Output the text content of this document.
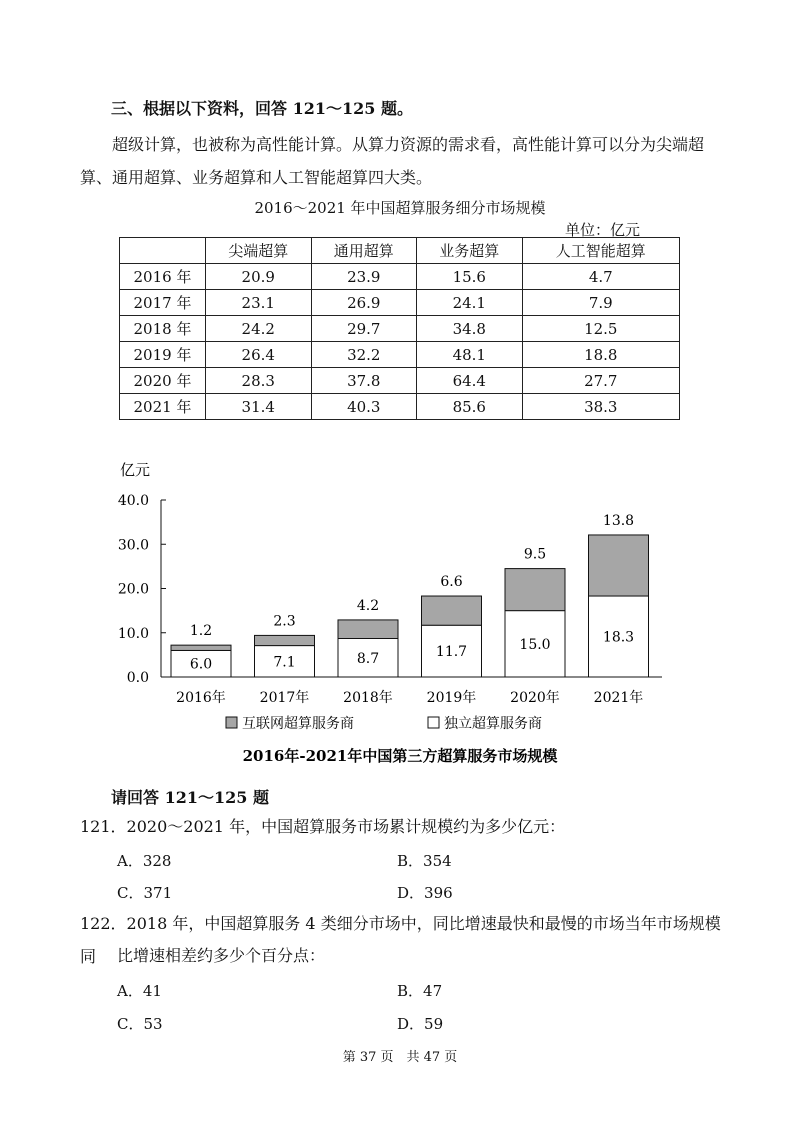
三、根据以下资料，回答 121～125 题。
超级计算，也被称为高性能计算。从算力资源的需求看，高性能计算可以分为尖端超算、通用超算、业务超算和人工智能超算四大类。
2016～2021 年中国超算服务细分市场规模
单位：亿元
	尖端超算	通用超算	业务超算	人工智能超算
2016 年	20.9	23.9	15.6	4.7
2017 年	23.1	26.9	24.1	7.9
2018 年	24.2	29.7	34.8	12.5
2019 年	26.4	32.2	48.1	18.8
2020 年	28.3	37.8	64.4	27.7
2021 年	31.4	40.3	85.6	38.3
亿元
0.0
10.0
20.0
30.0
40.0
6.0
1.2
2016年
7.1
2.3
2017年
8.7
4.2
2018年
11.7
6.6
2019年
15.0
9.5
2020年
18.3
13.8
2021年
互联网超算服务商	独立超算服务商
2016年-2021年中国第三方超算服务市场规模
请回答 121～125 题
121．2020～2021 年，中国超算服务市场累计规模约为多少亿元：
A．328	B．354
C．371	D．396
122．2018 年，中国超算服务 4 类细分市场中，同比增速最快和最慢的市场当年市场规模同	比增速相差约多少个百分点：
A．41	B．47
C．53	D．59
第 37 页　共 47 页
